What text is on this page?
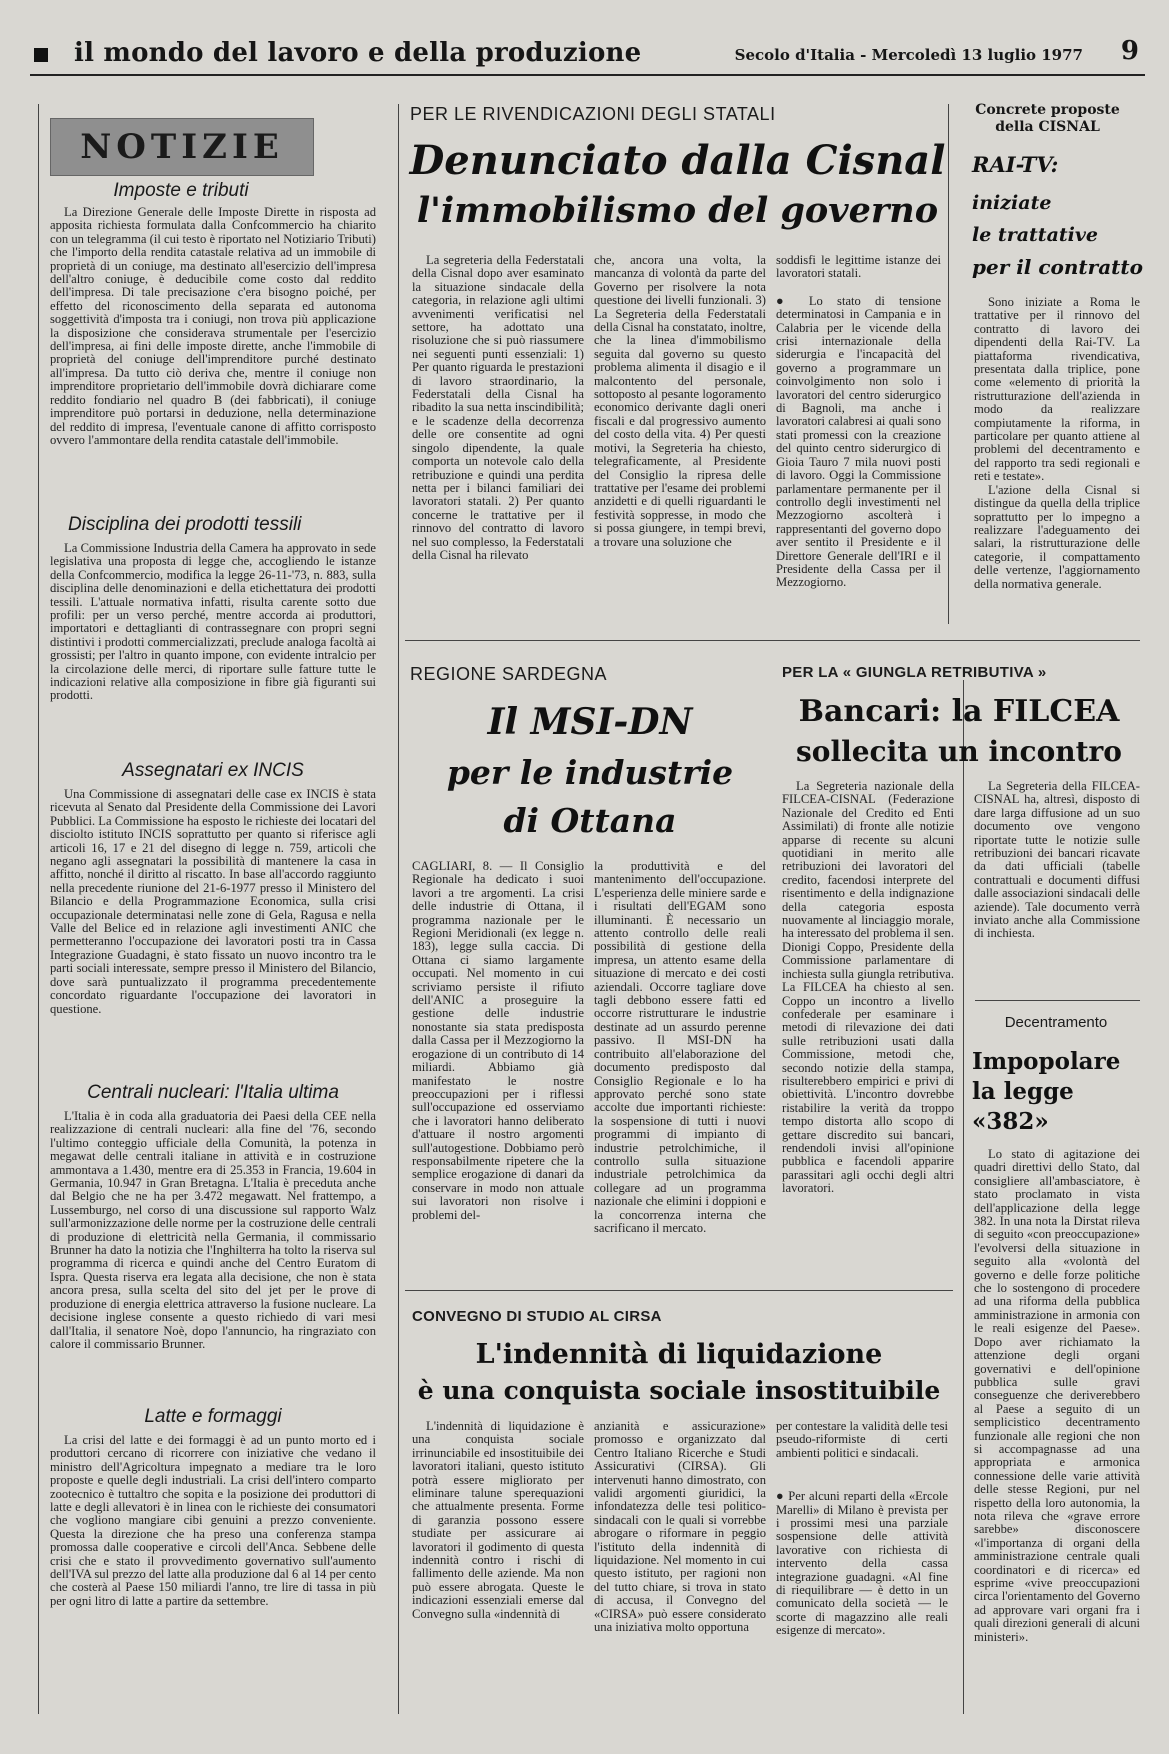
il mondo del lavoro e della produzione	Secolo d'Italia - Mercoledì 13 luglio 1977 9
NOTIZIE
Imposte e tributi

La Direzione Generale delle Imposte Dirette in risposta ad apposita richiesta formulata dalla Confcommercio ha chiarito con un telegramma (il cui testo è riportato nel Notiziario Tributi) che l'importo della rendita catastale relativa ad un immobile di proprietà di un coniuge, ma destinato all'esercizio dell'impresa dell'altro coniuge, è deducibile come costo dal reddito dell'impresa. Di tale precisazione c'era bisogno poiché, per effetto del riconoscimento della separata ed autonoma soggettività d'imposta tra i coniugi, non trova più applicazione la disposizione che considerava strumentale per l'esercizio dell'impresa, ai fini delle imposte dirette, anche l'immobile di proprietà del coniuge dell'imprenditore purché destinato all'impresa. Da tutto ciò deriva che, mentre il coniuge non imprenditore proprietario dell'immobile dovrà dichiarare come reddito fondiario nel quadro B (dei fabbricati), il coniuge imprenditore può portarsi in deduzione, nella determinazione del reddito di impresa, l'eventuale canone di affitto corrisposto ovvero l'ammontare della rendita catastale dell'immobile.

Disciplina dei prodotti tessili

La Commissione Industria della Camera ha approvato in sede legislativa una proposta di legge che, accogliendo le istanze della Confcommercio, modifica la legge 26-11-'73, n. 883, sulla disciplina delle denominazioni e della etichettatura dei prodotti tessili. L'attuale normativa infatti, risulta carente sotto due profili: per un verso perché, mentre accorda ai produttori, importatori e dettaglianti di contrassegnare con propri segni distintivi i prodotti commercializzati, preclude analoga facoltà ai grossisti; per l'altro in quanto impone, con evidente intralcio per la circolazione delle merci, di riportare sulle fatture tutte le indicazioni relative alla composizione in fibre già figuranti sui prodotti.

Assegnatari ex INCIS

Una Commissione di assegnatari delle case ex INCIS è stata ricevuta al Senato dal Presidente della Commissione dei Lavori Pubblici. La Commissione ha esposto le richieste dei locatari del disciolto istituto INCIS soprattutto per quanto si riferisce agli articoli 16, 17 e 21 del disegno di legge n. 759, articoli che negano agli assegnatari la possibilità di mantenere la casa in affitto, nonché il diritto al riscatto. In base all'accordo raggiunto nella precedente riunione del 21-6-1977 presso il Ministero del Bilancio e della Programmazione Economica, sulla crisi occupazionale determinatasi nelle zone di Gela, Ragusa e nella Valle del Belice ed in relazione agli investimenti ANIC che permetteranno l'occupazione dei lavoratori posti tra in Cassa Integrazione Guadagni, è stato fissato un nuovo incontro tra le parti sociali interessate, sempre presso il Ministero del Bilancio, dove sarà puntualizzato il programma precedentemente concordato riguardante l'occupazione dei lavoratori in questione.

Centrali nucleari: l'Italia ultima

L'Italia è in coda alla graduatoria dei Paesi della CEE nella realizzazione di centrali nucleari: alla fine del '76, secondo l'ultimo conteggio ufficiale della Comunità, la potenza in megawat delle centrali italiane in attività e in costruzione ammontava a 1.430, mentre era di 25.353 in Francia, 19.604 in Germania, 10.947 in Gran Bretagna. L'Italia è preceduta anche dal Belgio che ne ha per 3.472 megawatt. Nel frattempo, a Lussemburgo, nel corso di una discussione sul rapporto Walz sull'armonizzazione delle norme per la costruzione delle centrali di produzione di elettricità nella Germania, il commissario Brunner ha dato la notizia che l'Inghilterra ha tolto la riserva sul programma di ricerca e quindi anche del Centro Euratom di Ispra. Questa riserva era legata alla decisione, che non è stata ancora presa, sulla scelta del sito del jet per le prove di produzione di energia elettrica attraverso la fusione nucleare. La decisione inglese consente a questo richiedo di vari mesi dall'Italia, il senatore Noè, dopo l'annuncio, ha ringraziato con calore il commissario Brunner.

Latte e formaggi

La crisi del latte e dei formaggi è ad un punto morto ed i produttori cercano di ricorrere con iniziative che vedano il ministro dell'Agricoltura impegnato a mediare tra le loro proposte e quelle degli industriali. La crisi dell'intero comparto zootecnico è tuttaltro che sopita e la posizione dei produttori di latte e degli allevatori è in linea con le richieste dei consumatori che vogliono mangiare cibi genuini a prezzo conveniente. Questa la direzione che ha preso una conferenza stampa promossa dalle cooperative e circoli dell'Anca. Sebbene delle crisi che e stato il provvedimento governativo sull'aumento dell'IVA sul prezzo del latte alla produzione dal 6 al 14 per cento che costerà al Paese 150 miliardi l'anno, tre lire di tassa in più per ogni litro di latte a partire da settembre.

PER LE RIVENDICAZIONI DEGLI STATALI
Denunciato dalla Cisnal
l'immobilismo del governo

La segreteria della Federstatali della Cisnal dopo aver esaminato la situazione sindacale della categoria, in relazione agli ultimi avvenimenti verificatisi nel settore, ha adottato una risoluzione che si può riassumere nei seguenti punti essenziali: 1) Per quanto riguarda le prestazioni di lavoro straordinario, la Federstatali della Cisnal ha ribadito la sua netta inscindibilità; e le scadenze della decorrenza delle ore consentite ad ogni singolo dipendente, la quale comporta un notevole calo della retribuzione e quindi una perdita netta per i bilanci familiari dei lavoratori statali. 2) Per quanto concerne le trattative per il rinnovo del contratto di lavoro nel suo complesso, la Federstatali della Cisnal ha rilevato

che, ancora una volta, la mancanza di volontà da parte del Governo per risolvere la nota questione dei livelli funzionali. 3) La Segreteria della Federstatali della Cisnal ha constatato, inoltre, che la linea d'immobilismo seguita dal governo su questo problema alimenta il disagio e il malcontento del personale, sottoposto al pesante logoramento economico derivante dagli oneri fiscali e dal progressivo aumento del costo della vita. 4) Per questi motivi, la Segreteria ha chiesto, telegraficamente, al Presidente del Consiglio la ripresa delle trattative per l'esame dei problemi anzidetti e di quelli riguardanti le festività soppresse, in modo che si possa giungere, in tempi brevi, a trovare una soluzione che

soddisfi le legittime istanze dei lavoratori statali.

● Lo stato di tensione determinatosi in Campania e in Calabria per le vicende della crisi internazionale della siderurgia e l'incapacità del governo a programmare un coinvolgimento non solo i lavoratori del centro siderurgico di Bagnoli, ma anche i lavoratori calabresi ai quali sono stati promessi con la creazione del quinto centro siderurgico di Gioia Tauro 7 mila nuovi posti di lavoro. Oggi la Commissione parlamentare permanente per il controllo degli investimenti nel Mezzogiorno ascolterà i rappresentanti del governo dopo aver sentito il Presidente e il Direttore Generale dell'IRI e il Presidente della Cassa per il Mezzogiorno.

Concrete proposte della CISNAL
RAI-TV:
iniziate
le trattative
per il contratto

Sono iniziate a Roma le trattative per il rinnovo del contratto di lavoro dei dipendenti della Rai-TV. La piattaforma rivendicativa, presentata dalla triplice, pone come «elemento di priorità la ristrutturazione dell'azienda in modo da realizzare compiutamente la riforma, in particolare per quanto attiene al problemi del decentramento e del rapporto tra sedi regionali e reti e testate».

L'azione della Cisnal si distingue da quella della triplice soprattutto per lo impegno a realizzare l'adeguamento dei salari, la ristrutturazione delle categorie, il compattamento delle vertenze, l'aggiornamento della normativa generale.

REGIONE SARDEGNA
Il MSI-DN
per le industrie
di Ottana

CAGLIARI, 8. — Il Consiglio Regionale ha dedicato i suoi lavori a tre argomenti. La crisi delle industrie di Ottana, il programma nazionale per le Regioni Meridionali (ex legge n. 183), legge sulla caccia. Di Ottana ci siamo largamente occupati. Nel momento in cui scriviamo persiste il rifiuto dell'ANIC a proseguire la gestione delle industrie nonostante sia stata predisposta dalla Cassa per il Mezzogiorno la erogazione di un contributo di 14 miliardi. Abbiamo già manifestato le nostre preoccupazioni per i riflessi sull'occupazione ed osserviamo che i lavoratori hanno deliberato d'attuare il nostro argomenti sull'autogestione. Dobbiamo però responsabilmente ripetere che la semplice erogazione di danari da conservare in modo non attuale sui lavoratori non risolve i problemi del-

la produttività e del mantenimento dell'occupazione. L'esperienza delle miniere sarde e i risultati dell'EGAM sono illuminanti. È necessario un attento controllo delle reali possibilità di gestione della impresa, un attento esame della situazione di mercato e dei costi aziendali. Occorre tagliare dove tagli debbono essere fatti ed occorre ristrutturare le industrie destinate ad un assurdo perenne passivo. Il MSI-DN ha contribuito all'elaborazione del documento predisposto dal Consiglio Regionale e lo ha approvato perché sono state accolte due importanti richieste: la sospensione di tutti i nuovi programmi di impianto di industrie petrolchimiche, il controllo sulla situazione industriale petrolchimica da collegare ad un programma nazionale che elimini i doppioni e la concorrenza interna che sacrificano il mercato.

PER LA « GIUNGLA RETRIBUTIVA »
Bancari: la FILCEA
sollecita un incontro

La Segreteria nazionale della FILCEA-CISNAL (Federazione Nazionale del Credito ed Enti Assimilati) di fronte alle notizie apparse di recente su alcuni quotidiani in merito alle retribuzioni dei lavoratori del credito, facendosi interprete del risentimento e della indignazione della categoria esposta nuovamente al linciaggio morale, ha interessato del problema il sen. Dionigi Coppo, Presidente della Commissione parlamentare di inchiesta sulla giungla retributiva. La FILCEA ha chiesto al sen. Coppo un incontro a livello confederale per esaminare i metodi di rilevazione dei dati sulle retribuzioni usati dalla Commissione, metodi che, secondo notizie della stampa, risulterebbero empirici e privi di obiettività. L'incontro dovrebbe ristabilire la verità da troppo tempo distorta allo scopo di gettare discredito sui bancari, rendendoli invisi all'opinione pubblica e facendoli apparire parassitari agli occhi degli altri lavoratori.

La Segreteria della FILCEA-CISNAL ha, altresì, disposto di dare larga diffusione ad un suo documento ove vengono riportate tutte le notizie sulle retribuzioni dei bancari ricavate da dati ufficiali (tabelle contrattuali e documenti diffusi dalle associazioni sindacali delle aziende). Tale documento verrà inviato anche alla Commissione di inchiesta.

Decentramento
Impopolare
la legge
«382»

Lo stato di agitazione dei quadri direttivi dello Stato, dal consigliere all'ambasciatore, è stato proclamato in vista dell'applicazione della legge 382. In una nota la Dirstat rileva di seguito «con preoccupazione» l'evolversi della situazione in seguito alla «volontà del governo e delle forze politiche che lo sostengono di procedere ad una riforma della pubblica amministrazione in armonia con le reali esigenze del Paese». Dopo aver richiamato la attenzione degli organi governativi e dell'opinione pubblica sulle gravi conseguenze che deriverebbero al Paese a seguito di un semplicistico decentramento funzionale alle regioni che non si accompagnasse ad una appropriata e armonica connessione delle varie attività delle stesse Regioni, pur nel rispetto della loro autonomia, la nota rileva che «grave errore sarebbe» disconoscere «l'importanza di organi della amministrazione centrale quali coordinatori e di ricerca» ed esprime «vive preoccupazioni circa l'orientamento del Governo ad approvare vari organi fra i quali direzioni generali di alcuni ministeri».

CONVEGNO DI STUDIO AL CIRSA
L'indennità di liquidazione
è una conquista sociale insostituibile

L'indennità di liquidazione è una conquista sociale irrinunciabile ed insostituibile dei lavoratori italiani, questo istituto potrà essere migliorato per eliminare talune sperequazioni che attualmente presenta. Forme di garanzia possono essere studiate per assicurare ai lavoratori il godimento di questa indennità contro i rischi di fallimento delle aziende. Ma non può essere abrogata. Queste le indicazioni essenziali emerse dal Convegno sulla «indennità di

anzianità e assicurazione» promosso e organizzato dal Centro Italiano Ricerche e Studi Assicurativi (CIRSA). Gli intervenuti hanno dimostrato, con validi argomenti giuridici, la infondatezza delle tesi politico-sindacali con le quali si vorrebbe abrogare o riformare in peggio l'istituto della indennità di liquidazione. Nel momento in cui questo istituto, per ragioni non del tutto chiare, si trova in stato di accusa, il Convegno del «CIRSA» può essere considerato una iniziativa molto opportuna

per contestare la validità delle tesi pseudo-riformiste di certi ambienti politici e sindacali.

● Per alcuni reparti della «Ercole Marelli» di Milano è prevista per i prossimi mesi una parziale sospensione delle attività lavorative con richiesta di intervento della cassa integrazione guadagni. «Al fine di riequilibrare — è detto in un comunicato della società — le scorte di magazzino alle reali esigenze di mercato».
